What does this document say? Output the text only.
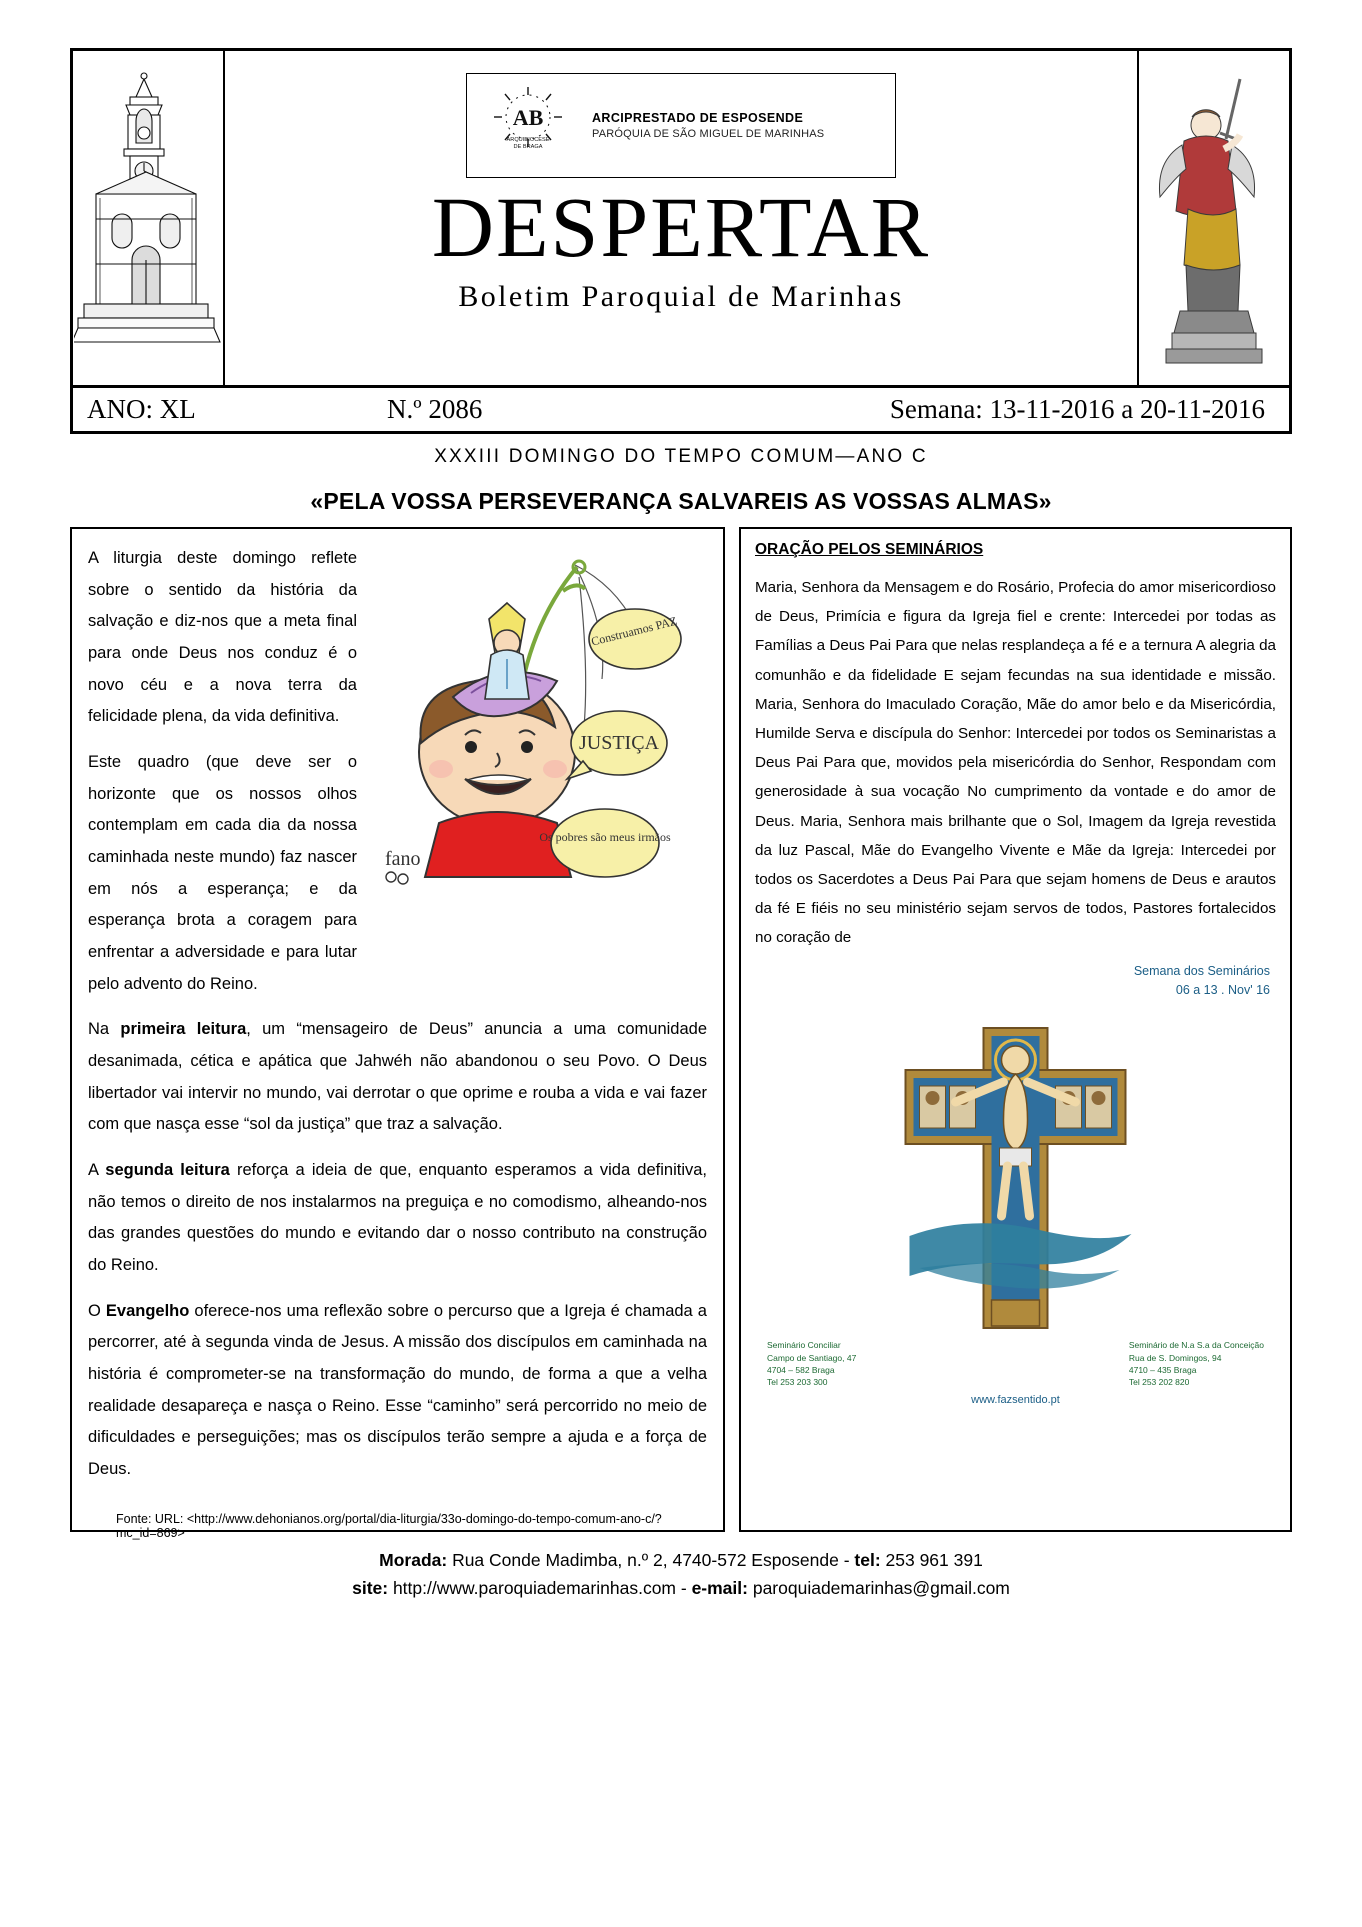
AB
ARQUIDIOCESE
DE BRAGA
ARCIPRESTADO DE ESPOSENDE
PARÓQUIA DE SÃO MIGUEL DE MARINHAS
DESPERTAR
Boletim Paroquial de Marinhas
ANO: XL	N.º 2086	Semana: 13-11-2016 a 20-11-2016
XXXIII DOMINGO DO TEMPO COMUM—ANO C
«PELA VOSSA PERSEVERANÇA SALVAREIS AS VOSSAS ALMAS»
fano
Construamos PAZ
JUSTIÇA
Os pobres são meus irmãos

A liturgia deste domingo reflete sobre o sentido da história da salvação e diz-nos que a meta final para onde Deus nos conduz é o novo céu e a nova terra da felicidade plena, da vida definitiva.

Este quadro (que deve ser o horizonte que os nossos olhos contemplam em cada dia da nossa caminhada neste mundo) faz nascer em nós a esperança; e da esperança brota a coragem para enfrentar a adversidade e para lutar pelo advento do Reino.

Na primeira leitura, um “mensageiro de Deus” anuncia a uma comunidade desanimada, cética e apática que Jahwéh não abandonou o seu Povo. O Deus libertador vai intervir no mundo, vai derrotar o que oprime e rouba a vida e vai fazer com que nasça esse “sol da justiça” que traz a salvação.

A segunda leitura reforça a ideia de que, enquanto esperamos a vida definitiva, não temos o direito de nos instalarmos na preguiça e no comodismo, alheando-nos das grandes questões do mundo e evitando dar o nosso contributo na construção do Reino.

O Evangelho oferece-nos uma reflexão sobre o percurso que a Igreja é chamada a percorrer, até à segunda vinda de Jesus. A missão dos discípulos em caminhada na história é comprometer-se na transformação do mundo, de forma a que a velha realidade desapareça e nasça o Reino. Esse “caminho” será percorrido no meio de dificuldades e perseguições; mas os discípulos terão sempre a ajuda e a força de Deus.

Fonte: URL: <http://www.dehonianos.org/portal/dia-liturgia/33o-domingo-do-tempo-comum-ano-c/?mc_id=869>
ORAÇÃO PELOS SEMINÁRIOS

Maria, Senhora da Mensagem e do Rosário, Profecia do amor misericordioso de Deus, Primícia e figura da Igreja fiel e crente: Intercedei por todas as Famílias a Deus Pai Para que nelas resplandeça a fé e a ternura A alegria da comunhão e da fidelidade E sejam fecundas na sua identidade e missão. Maria, Senhora do Imaculado Coração, Mãe do amor belo e da Misericórdia, Humilde Serva e discípula do Senhor: Intercedei por todos os Seminaristas a Deus Pai Para que, movidos pela misericórdia do Senhor, Respondam com generosidade à sua vocação No cumprimento da vontade e do amor de Deus. Maria, Senhora mais brilhante que o Sol, Imagem da Igreja revestida da luz Pascal, Mãe do Evangelho Vivente e Mãe da Igreja: Intercedei por todos os Sacerdotes a Deus Pai Para que sejam homens de Deus e arautos da fé E fiéis no seu ministério sejam servos de todos, Pastores fortalecidos no coração de

Semana dos Seminários
06 a 13 . Nov' 16
Seminário Conciliar
Campo de Santiago, 47
4704 – 582 Braga
Tel 253 203 300
Seminário de N.a S.a da Conceição
Rua de S. Domingos, 94
4710 – 435 Braga
Tel 253 202 820
www.fazsentido.pt
Morada: Rua Conde Madimba, n.º 2, 4740-572 Esposende - tel: 253 961 391
site: http://www.paroquiademarinhas.com - e-mail: paroquiademarinhas@gmail.com
